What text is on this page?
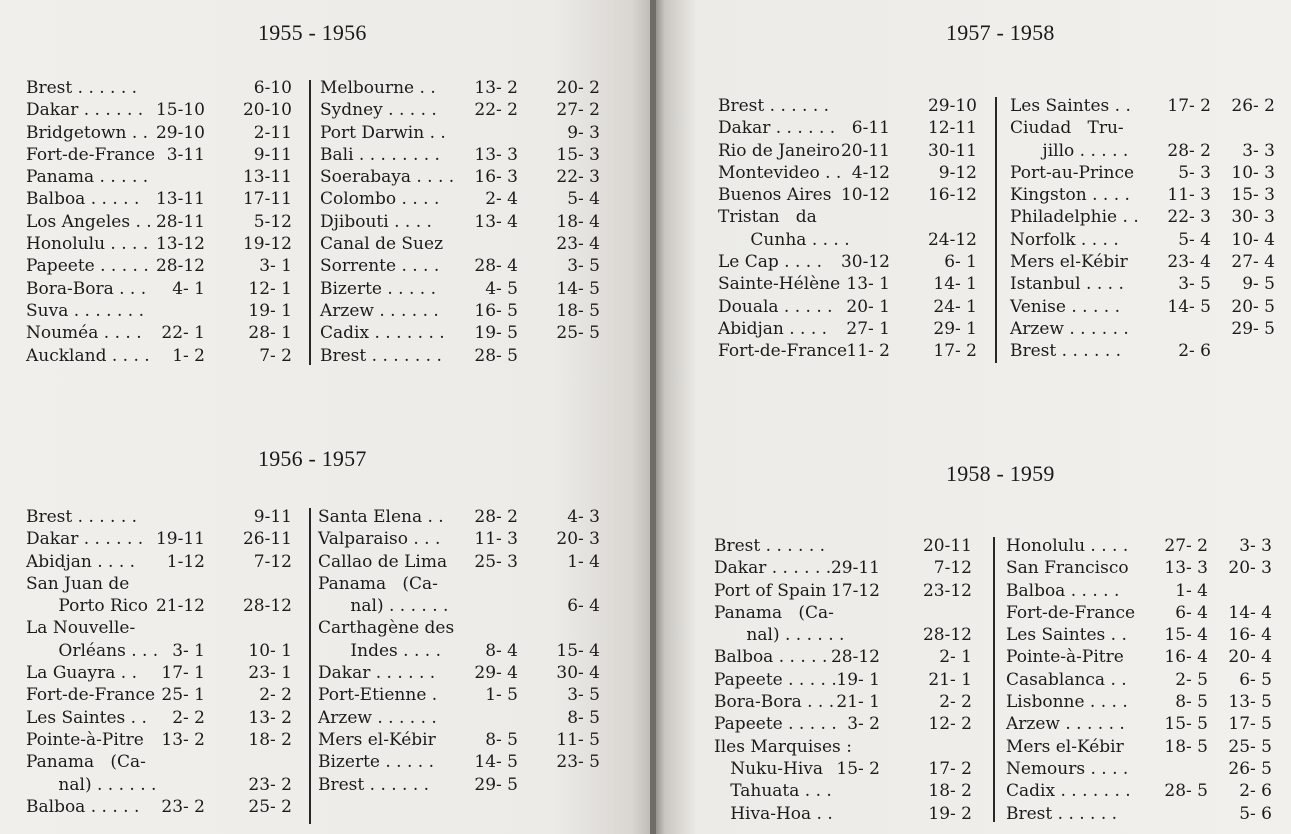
1955 - 1956
Brest . . . . . .	6-10
Dakar . . . . . . 15-10 20-10
Bridgetown . . 29-10	2-11
Fort-de-France 3-11	9-11
Panama . . . . .	13-11
Balboa . . . . . 13-11 17-11
Los Angeles . . 28-11	5-12
Honolulu . . . . 13-12 19-12
Papeete . . . . . 28-12	3- 1
Bora-Bora . . . 4- 1	12- 1
Suva . . . . . . .	19- 1
Nouméa . . . . 22- 1	28- 1
Auckland . . . . 1- 2	7- 2
Melbourne . . 13- 2 20- 2
Sydney . . . . . 22- 2 27- 2
Port Darwin . .	9- 3
Bali . . . . . . . . 13- 3 15- 3
Soerabaya . . . . 16- 3 22- 3
Colombo . . . .	2- 4	5- 4
Djibouti . . . . 13- 4 18- 4
Canal de Suez	23- 4
Sorrente . . . . 28- 4	3- 5
Bizerte . . . . .	4- 5 14- 5
Arzew . . . . . . 16- 5 18- 5
Cadix . . . . . . . 19- 5 25- 5
Brest . . . . . . . 28- 5
1956 - 1957
Brest . . . . . .	9-11
Dakar . . . . . . 19-11 26-11
Abidjan . . . . 1-12	7-12
San Juan de
Porto Rico 21-12 28-12
La Nouvelle-
Orléans . . . 3- 1	10- 1
La Guayra . . 17- 1	23- 1
Fort-de-France 25- 1	2- 2
Les Saintes . . 2- 2	13- 2
Pointe-à-Pitre 13- 2	18- 2
Panama   (Ca-
nal) . . . . . .	23- 2
Balboa . . . . . 23- 2	25- 2
Santa Elena . . 28- 2	4- 3
Valparaiso . . . 11- 3 20- 3
Callao de Lima 25- 3	1- 4
Panama   (Ca-
nal) . . . . . .	6- 4
Carthagène des
Indes . . . .	8- 4 15- 4
Dakar . . . . . . 29- 4 30- 4
Port-Etienne .	1- 5	3- 5
Arzew . . . . . .	8- 5
Mers el-Kébir	8- 5 11- 5
Bizerte . . . . . 14- 5 23- 5
Brest . . . . . .	29- 5
1957 - 1958
Brest . . . . . .	29-10
Dakar . . . . . . 6-11 12-11
Rio de Janeiro 20-11 30-11
Montevideo . . 4-12	9-12
Buenos Aires 10-12 16-12
Tristan   da
Cunha . . . .	24-12
Le Cap . . . . 30-12	6- 1
Sainte-Hélène 13- 1	14- 1
Douala . . . . . 20- 1	24- 1
Abidjan . . . . 27- 1	29- 1
Fort-de-France 11- 2	17- 2
Les Saintes . . 17- 2 26- 2
Ciudad   Tru-
jillo . . . . . 28- 2 3- 3
Port-au-Prince	5- 3 10- 3
Kingston . . . . 11- 3 15- 3
Philadelphie . . 22- 3 30- 3
Norfolk . . . .	5- 4 10- 4
Mers el-Kébir 23- 4 27- 4
Istanbul . . . .	3- 5 9- 5
Venise . . . . .	14- 5 20- 5
Arzew . . . . . .	29- 5
Brest . . . . . .	2- 6
1958 - 1959
Brest . . . . . .	20-11
Dakar . . . . . . 29-11	7-12
Port of Spain 17-12	23-12
Panama   (Ca-
nal) . . . . . .	28-12
Balboa . . . . . 28-12	2- 1
Papeete . . . . . 19- 1	21- 1
Bora-Bora . . . 21- 1	2- 2
Papeete . . . . . 3- 2	12- 2
Iles Marquises :
Nuku-Hiva 15- 2	17- 2
Tahuata . . .	18- 2
Hiva-Hoa . .	19- 2
Honolulu . . . . 27- 2 3- 3
San Francisco 13- 3 20- 3
Balboa . . . . .	1- 4
Fort-de-France 6- 4 14- 4
Les Saintes . . 15- 4 16- 4
Pointe-à-Pitre 16- 4 20- 4
Casablanca . .	2- 5 6- 5
Lisbonne . . . .	8- 5 13- 5
Arzew . . . . . . 15- 5 17- 5
Mers el-Kébir 18- 5 25- 5
Nemours . . . .	26- 5
Cadix . . . . . . . 28- 5 2- 6
Brest . . . . . .	5- 6
